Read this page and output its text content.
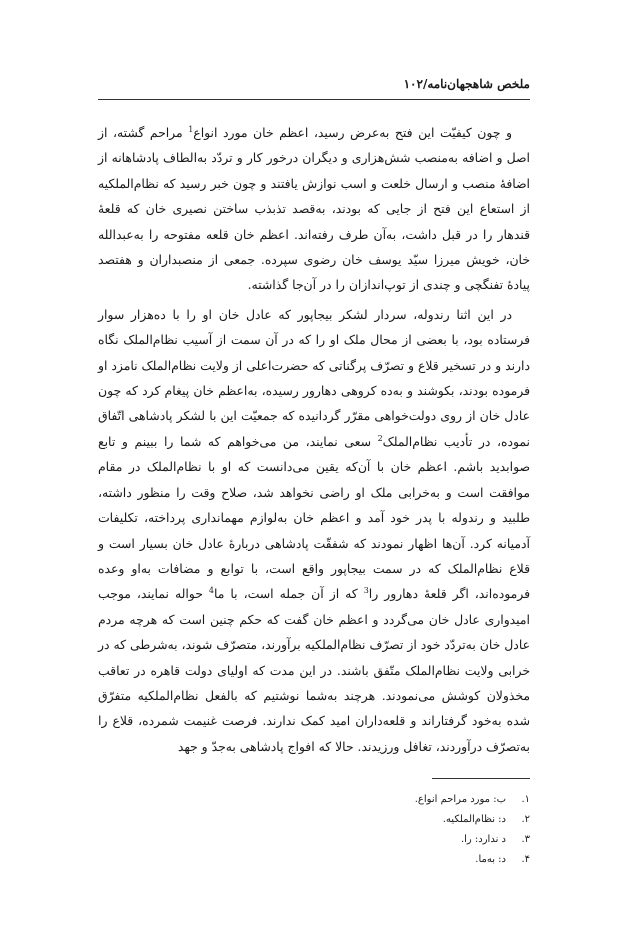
ملخص شاهجهان‌نامه/۱۰۲

و چون کیفیّت این فتح به‌عرض رسید، اعظم خان مورد انواع$^1$ مراحم گشته، از اصل و اضافه به‌منصب شش‌هزاری و دیگران درخور کار و تردّد به‌الطاف پادشاهانه از اضافۀ منصب و ارسال خلعت و اسب نوازش یافتند و چون خبر رسید که نظام‌الملکیه از استعاع این فتح از جایی که بودند، به‌قصد تذبذب ساختن نصیری خان که قلعۀ قندهار را در قبل داشت، به‌آن طرف رفته‌اند. اعظم خان قلعه مفتوحه را به‌عبدالله خان، خویش میرزا سیّد یوسف خان رضوی سپرده. جمعی از منصبداران و هفتصد پیادۀ تفنگچی و چندی از توپ‌اندازان را در آن‌جا گذاشته.

در این اثنا رندوله، سردار لشکر بیجاپور که عادل خان او را با ده‌هزار سوار فرستاده بود، با بعضی از محال ملک او را که در آن سمت از آسیب نظام‌الملک نگاه دارند و در تسخیر قلاع و تصرّف پرگناتی که حضرت‌اعلی از ولایت نظام‌الملک نامزد او فرموده بودند، بکوشند و به‌ده کروهی دهارور رسیده، به‌اعظم خان پیغام کرد که چون عادل خان از روی دولت‌خواهی مقرّر گردانیده که جمعیّت این با لشکر پادشاهی اتّفاق نموده، در تأدیب نظام‌الملک$^2$ سعی نمایند، من می‌خواهم که شما را ببینم و تابع صوابدید باشم. اعظم خان با آن‌که یقین می‌دانست که او با نظام‌الملک در مقام موافقت است و به‌خرابی ملک او راضی نخواهد شد، صلاح وقت را منظور داشته، طلبید و رندوله با پدر خود آمد و اعظم خان به‌لوازم مهمانداری پرداخته، تکلیفات آدمیانه کرد. آن‌ها اظهار نمودند که شفقّت پادشاهی دربارۀ عادل خان بسیار است و قلاع نظام‌الملک که در سمت بیجاپور واقع است، با توابع و مضافات به‌او وعده فرموده‌اند، اگر قلعۀ دهارور را$^3$ که از آن جمله است، با ما$^4$ حواله نمایند، موجب امیدواری عادل خان می‌گردد و اعظم خان گفت که حکم چنین است که هرچه مردم عادل خان به‌تردّد خود از تصرّف نظام‌الملکیه برآورند، متصرّف شوند، به‌شرطی که در خرابی ولایت نظام‌الملک متّفق باشند. در این مدت که اولیای دولت قاهره در تعاقب مخذولان کوشش می‌نمودند. هرچند به‌شما نوشتیم که بالفعل نظام‌الملکیه متفرّق شده به‌خود گرفتاراند و قلعه‌داران امید کمک ندارند. فرصت غنیمت شمرده، قلاع را به‌تصرّف درآوردند، تغافل ورزیدند. حالا که افواج پادشاهی به‌جدّ و جهد

۱.
ب: مورد مراحم انواع.
۲.
د: نظام‌الملکیه.
۳.
د ندارد: را.
۴.
د: به‌ما.
